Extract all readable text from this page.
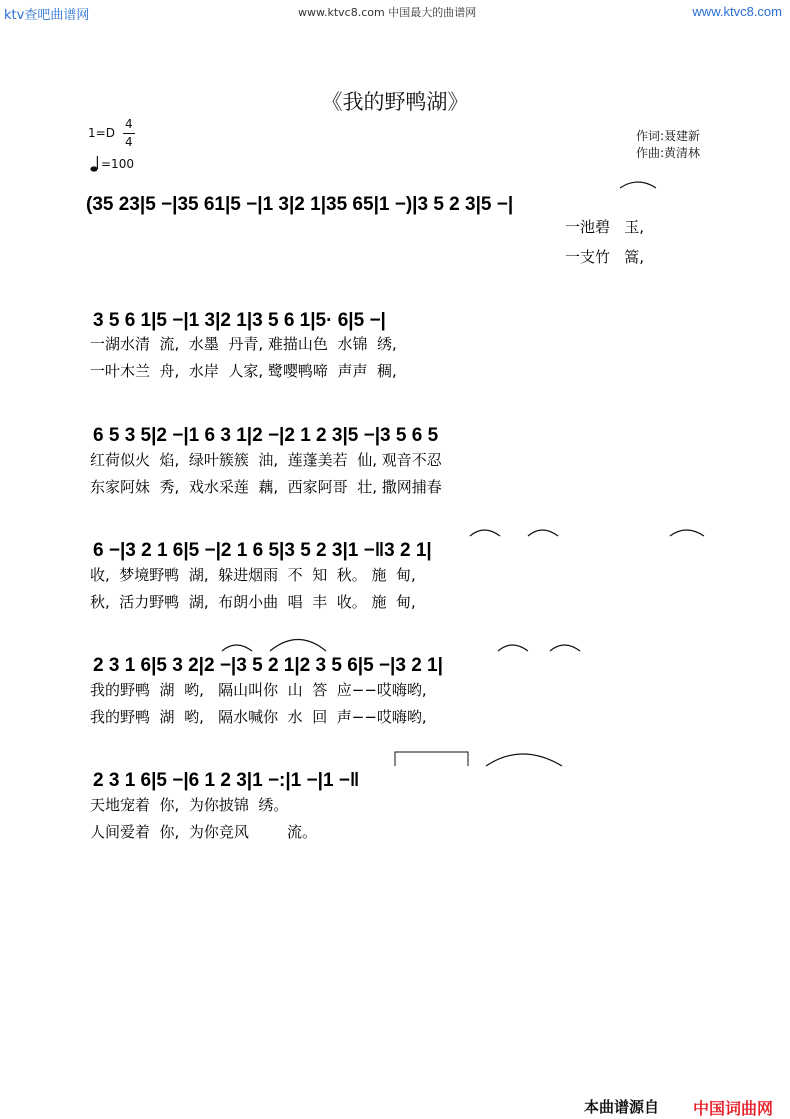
ktv查吧曲谱网	www.ktvc8.com 中国最大的曲谱网	www.ktvc8.com
《我的野鸭湖》
1=D
4
4
=100
作词:聂建新
作曲:黄清林
(35 23|5 −|35 61|5 −|1 3|2 1|35 65|1 −)|3 5 2 3|5 −|
一池碧   玉,
一支竹   篙,
3 5 6 1|5 −|1 3|2 1|3 5 6 1|5· 6|5 −|
一湖水清  流,  水墨  丹青, 难描山色  水锦  绣,
一叶木兰  舟,  水岸  人家, 鹭嘤鸭啼  声声  稠,
6 5 3 5|2 −|1 6 3 1|2 −|2 1 2 3|5 −|3 5 6 5
红荷似火  焰,  绿叶簇簇  油,  莲蓬美若  仙, 观音不忍
东家阿妹  秀,  戏水采莲  藕,  西家阿哥  壮, 撒网捕春
6 −|3 2 1 6|5 −|2 1 6 5|3 5 2 3|1 −‖3 2 1|
收,  梦境野鸭  湖,  躲进烟雨  不  知  秋。 施  甸,
秋,  活力野鸭  湖,  布朗小曲  唱  丰  收。 施  甸,
2 3 1 6|5 3 2|2 −|3 5 2 1|2 3 5 6|5 −|3 2 1|
我的野鸭  湖  哟,   隔山叫你  山  答  应−−哎嗨哟,
我的野鸭  湖  哟,   隔水喊你  水  回  声−−哎嗨哟,
2 3 1 6|5 −|6 1 2 3|1 −:|1 −|1 −‖
天地宠着  你,  为你披锦  绣。
人间爱着  你,  为你竞风        流。
本曲谱源自 中国词曲网
